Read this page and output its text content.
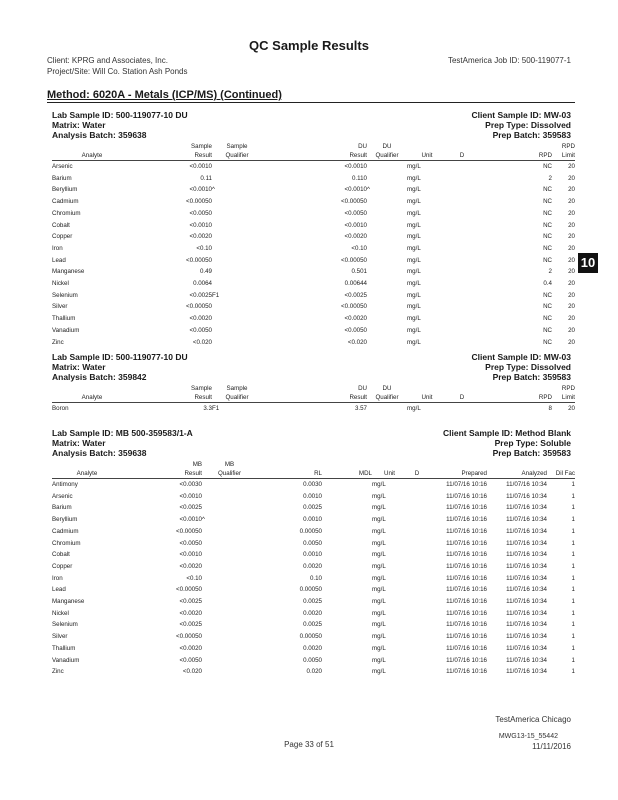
QC Sample Results
Client: KPRG and Associates, Inc.
Project/Site: Will Co. Station Ash Ponds
TestAmerica Job ID: 500-119077-1
Method: 6020A - Metals (ICP/MS) (Continued)
10
Lab Sample ID: 500-119077-10 DU
Matrix: Water
Analysis Batch: 359638
Client Sample ID: MW-03
Prep Type: Dissolved
Prep Batch: 359583
	Sample	Sample	DU	DU				RPD
Analyte	Result	Qualifier	Result	Qualifier	Unit	D	RPD	Limit
Arsenic	<0.0010		<0.0010		mg/L		NC	20
Barium	0.11		0.110		mg/L		2	20
Beryllium	<0.0010	^	<0.0010	^	mg/L		NC	20
Cadmium	<0.00050		<0.00050		mg/L		NC	20
Chromium	<0.0050		<0.0050		mg/L		NC	20
Cobalt	<0.0010		<0.0010		mg/L		NC	20
Copper	<0.0020		<0.0020		mg/L		NC	20
Iron	<0.10		<0.10		mg/L		NC	20
Lead	<0.00050		<0.00050		mg/L		NC	20
Manganese	0.49		0.501		mg/L		2	20
Nickel	0.0064		0.00644		mg/L		0.4	20
Selenium	<0.0025	F1	<0.0025		mg/L		NC	20
Silver	<0.00050		<0.00050		mg/L		NC	20
Thallium	<0.0020		<0.0020		mg/L		NC	20
Vanadium	<0.0050		<0.0050		mg/L		NC	20
Zinc	<0.020		<0.020		mg/L		NC	20
Lab Sample ID: 500-119077-10 DU
Matrix: Water
Analysis Batch: 359842
Client Sample ID: MW-03
Prep Type: Dissolved
Prep Batch: 359583
	Sample	Sample	DU	DU				RPD
Analyte	Result	Qualifier	Result	Qualifier	Unit	D	RPD	Limit
Boron	3.3	F1	3.57		mg/L		8	20
Lab Sample ID: MB 500-359583/1-A
Matrix: Water
Analysis Batch: 359638
Client Sample ID: Method Blank
Prep Type: Soluble
Prep Batch: 359583
	MB	MB							
Analyte	Result	Qualifier	RL	MDL	Unit	D	Prepared	Analyzed	Dil Fac
Antimony	<0.0030		0.0030		mg/L		11/07/16 10:16	11/07/16 10:34	1
Arsenic	<0.0010		0.0010		mg/L		11/07/16 10:16	11/07/16 10:34	1
Barium	<0.0025		0.0025		mg/L		11/07/16 10:16	11/07/16 10:34	1
Beryllium	<0.0010	^	0.0010		mg/L		11/07/16 10:16	11/07/16 10:34	1
Cadmium	<0.00050		0.00050		mg/L		11/07/16 10:16	11/07/16 10:34	1
Chromium	<0.0050		0.0050		mg/L		11/07/16 10:16	11/07/16 10:34	1
Cobalt	<0.0010		0.0010		mg/L		11/07/16 10:16	11/07/16 10:34	1
Copper	<0.0020		0.0020		mg/L		11/07/16 10:16	11/07/16 10:34	1
Iron	<0.10		0.10		mg/L		11/07/16 10:16	11/07/16 10:34	1
Lead	<0.00050		0.00050		mg/L		11/07/16 10:16	11/07/16 10:34	1
Manganese	<0.0025		0.0025		mg/L		11/07/16 10:16	11/07/16 10:34	1
Nickel	<0.0020		0.0020		mg/L		11/07/16 10:16	11/07/16 10:34	1
Selenium	<0.0025		0.0025		mg/L		11/07/16 10:16	11/07/16 10:34	1
Silver	<0.00050		0.00050		mg/L		11/07/16 10:16	11/07/16 10:34	1
Thallium	<0.0020		0.0020		mg/L		11/07/16 10:16	11/07/16 10:34	1
Vanadium	<0.0050		0.0050		mg/L		11/07/16 10:16	11/07/16 10:34	1
Zinc	<0.020		0.020		mg/L		11/07/16 10:16	11/07/16 10:34	1
TestAmerica Chicago
Page 33 of 51
MWG13-15_55442
11/11/2016
